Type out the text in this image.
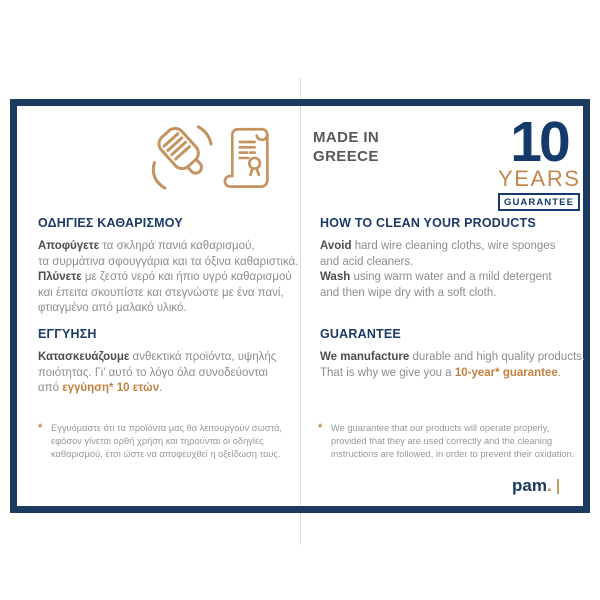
MADE IN
GREECE 10
YEARS
GUARANTEE
ΟΔΗΓΙΕΣ ΚΑΘΑΡΙΣΜΟΥ
Αποφύγετε τα σκληρά πανιά καθαρισμού,
τα συρμάτινα σφουγγάρια και τα όξινα καθαριστικά.
Πλύνετε με ζεστό νερό και ήπιο υγρό καθαρισμού
και έπειτα σκουπίστε και στεγνώστε με ένα πανί,
φτιαγμένο από μαλακό υλικό.
ΕΓΓΥΗΣΗ
Κατασκευάζουμε ανθεκτικά προϊόντα, υψηλής
ποιότητας. Γι' αυτό το λόγο όλα συνοδεύονται
από εγγύηση* 10 ετών.
HOW TO CLEAN YOUR PRODUCTS
Avoid hard wire cleaning cloths, wire sponges
and acid cleaners.
Wash using warm water and a mild detergent
and then wipe dry with a soft cloth.
GUARANTEE
We manufacture durable and high quality products.
That is why we give you a 10-year* guarantee.
* Εγγυόμαστε ότι τα προϊόντα μας θα λειτουργούν σωστά,
εφόσον γίνεται ορθή χρήση και τηρούνται οι οδηγίες
καθαρισμού, έτσι ώστε να αποφευχθεί η οξείδωση τους.
* We guarantee that our products will operate properly,
provided that they are used correctly and the cleaning
instructions are followed, in order to prevent their oxidation.
pam .
